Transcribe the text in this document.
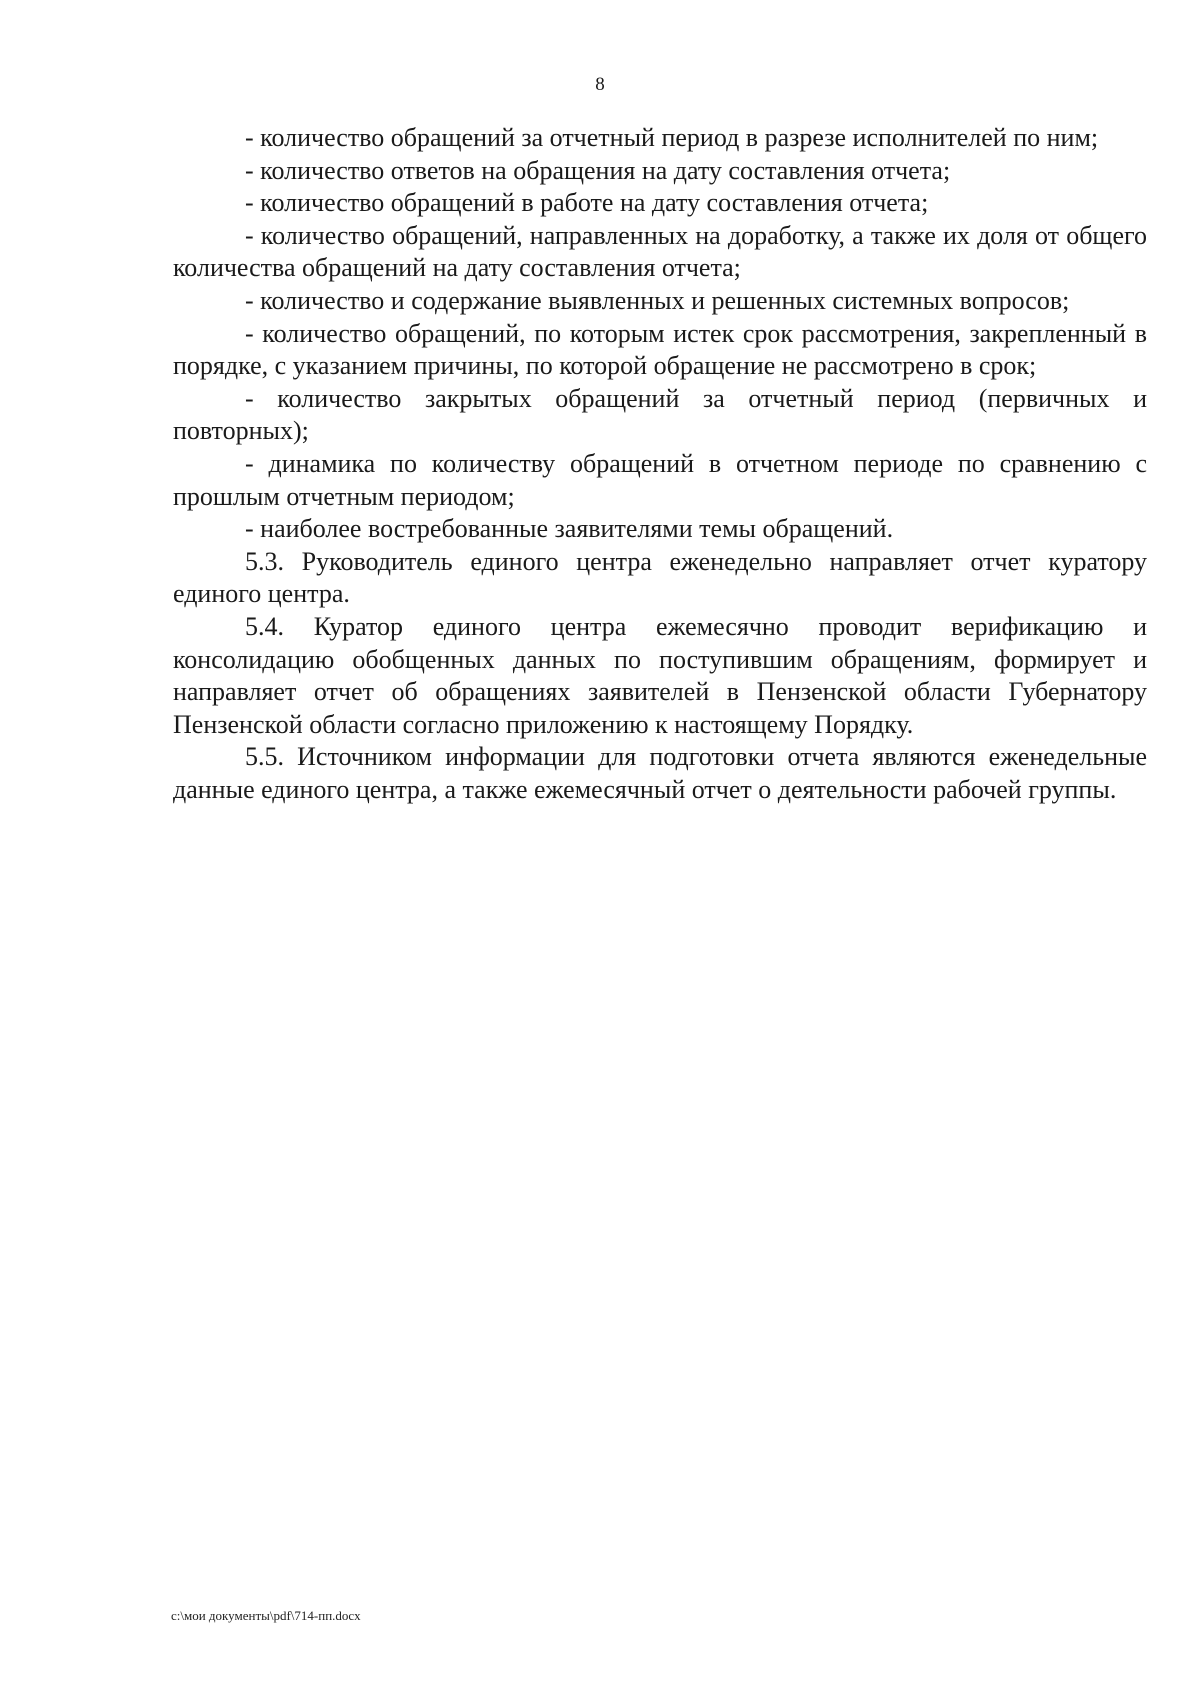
8

- количество обращений за отчетный период в разрезе исполнителей по ним;

- количество ответов на обращения на дату составления отчета;

- количество обращений в работе на дату составления отчета;

- количество обращений, направленных на доработку, а также их доля от общего количества обращений на дату составления отчета;

- количество и содержание выявленных и решенных системных вопросов;

- количество обращений, по которым истек срок рассмотрения, закрепленный в порядке, с указанием причины, по которой обращение не рассмотрено в срок;

- количество закрытых обращений за отчетный период (первичных и повторных);

- динамика по количеству обращений в отчетном периоде по сравнению с прошлым отчетным периодом;

- наиболее востребованные заявителями темы обращений.

5.3. Руководитель единого центра еженедельно направляет отчет куратору единого центра.

5.4. Куратор единого центра ежемесячно проводит верификацию и консолидацию обобщенных данных по поступившим обращениям, формирует и направляет отчет об обращениях заявителей в Пензенской области Губернатору Пензенской области согласно приложению к настоящему Порядку.

5.5. Источником информации для подготовки отчета являются еженедельные данные единого центра, а также ежемесячный отчет о деятельности рабочей группы.

c:\мои документы\pdf\714-пп.docx
